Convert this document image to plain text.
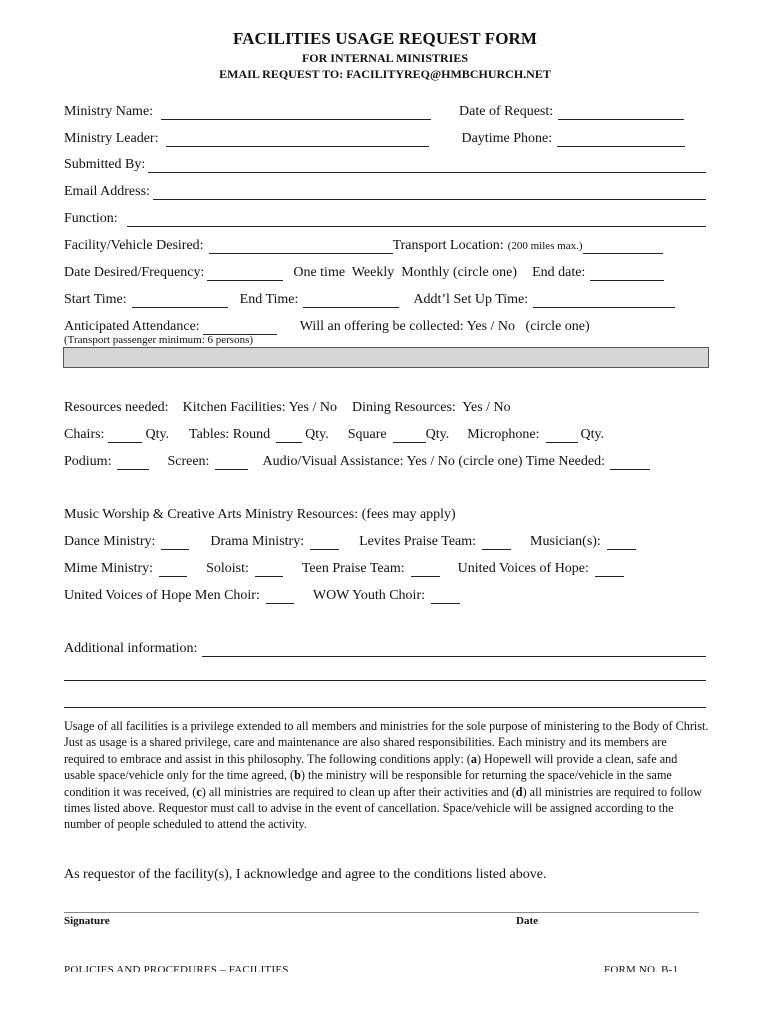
FACILITIES USAGE REQUEST FORM
FOR INTERNAL MINISTRIES
EMAIL REQUEST TO: FACILITYREQ@HMBCHURCH.NET
Ministry Name:	Date of Request:
Ministry Leader:	Daytime Phone:
Submitted By:
Email Address:
Function:
Facility/Vehicle Desired:	Transport Location: (200 miles max.)
Date Desired/Frequency:	One time  Weekly  Monthly (circle one) End date:
Start Time:	End Time:	Addt’l Set Up Time:
Anticipated Attendance:	Will an offering be collected: Yes / No   (circle one)
(Transport passenger minimum: 6 persons)
Resources needed: Kitchen Facilities: Yes / No Dining Resources:  Yes / No
Chairs:	Qty. Tables: Round	Qty. Square	Qty. Microphone:	Qty.
Podium:	Screen:	Audio/Visual Assistance: Yes / No (circle one) Time Needed:
Music Worship & Creative Arts Ministry Resources: (fees may apply)
Dance Ministry:	Drama Ministry:	Levites Praise Team:	Musician(s):
Mime Ministry:	Soloist:	Teen Praise Team:	United Voices of Hope:
United Voices of Hope Men Choir:	WOW Youth Choir:
Additional information:
Usage of all facilities is a privilege extended to all members and ministries for the sole purpose of ministering to the Body of Christ. Just as usage is a shared privilege, care and maintenance are also shared responsibilities. Each ministry and its members are required to embrace and assist in this philosophy. The following conditions apply: (a) Hopewell will provide a clean, safe and usable space/vehicle only for the time agreed, (b) the ministry will be responsible for returning the space/vehicle in the same condition it was received, (c) all ministries are required to clean up after their activities and (d) all ministries are required to follow times listed above. Requestor must call to advise in the event of cancellation. Space/vehicle will be assigned according to the number of people scheduled to attend the activity.
As requestor of the facility(s), I acknowledge and agree to the conditions listed above.
Signature	Date
POLICIES AND PROCEDURES – FACILITIES	FORM NO. B-1
